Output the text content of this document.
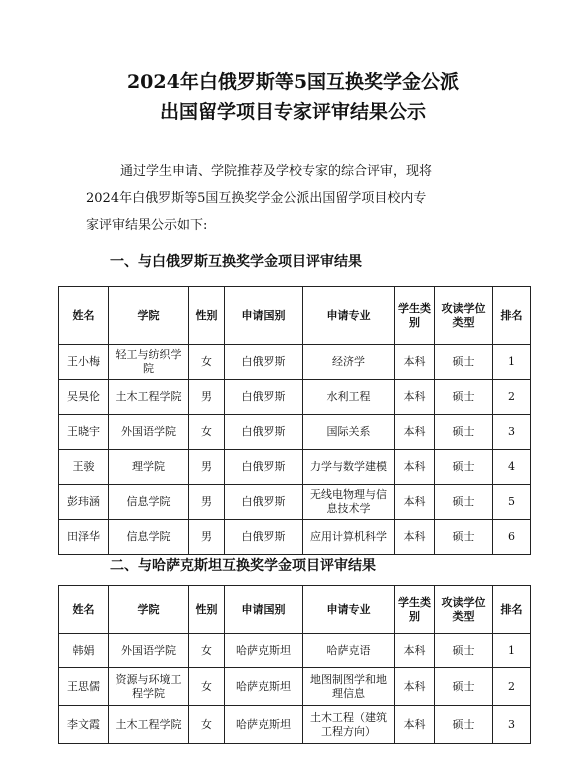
2024年白俄罗斯等5国互换奖学金公派
出国留学项目专家评审结果公示
通过学生申请、学院推荐及学校专家的综合评审，现将
2024年白俄罗斯等5国互换奖学金公派出国留学项目校内专
家评审结果公示如下:
一、与白俄罗斯互换奖学金项目评审结果
姓名	学院	性别	申请国别	申请专业	学生类别	攻读学位类型	排名
王小梅	轻工与纺织学院	女	白俄罗斯	经济学	本科	硕士	1
吴昊伦	土木工程学院	男	白俄罗斯	水利工程	本科	硕士	2
王晓宇	外国语学院	女	白俄罗斯	国际关系	本科	硕士	3
王骏	理学院	男	白俄罗斯	力学与数学建模	本科	硕士	4
彭玮涵	信息学院	男	白俄罗斯	无线电物理与信息技术学	本科	硕士	5
田泽华	信息学院	男	白俄罗斯	应用计算机科学	本科	硕士	6
二、与哈萨克斯坦互换奖学金项目评审结果
姓名	学院	性别	申请国别	申请专业	学生类别	攻读学位类型	排名
韩娟	外国语学院	女	哈萨克斯坦	哈萨克语	本科	硕士	1
王思儒	资源与环境工程学院	女	哈萨克斯坦	地图制图学和地理信息	本科	硕士	2
李文霞	土木工程学院	女	哈萨克斯坦	土木工程（建筑工程方向）	本科	硕士	3
